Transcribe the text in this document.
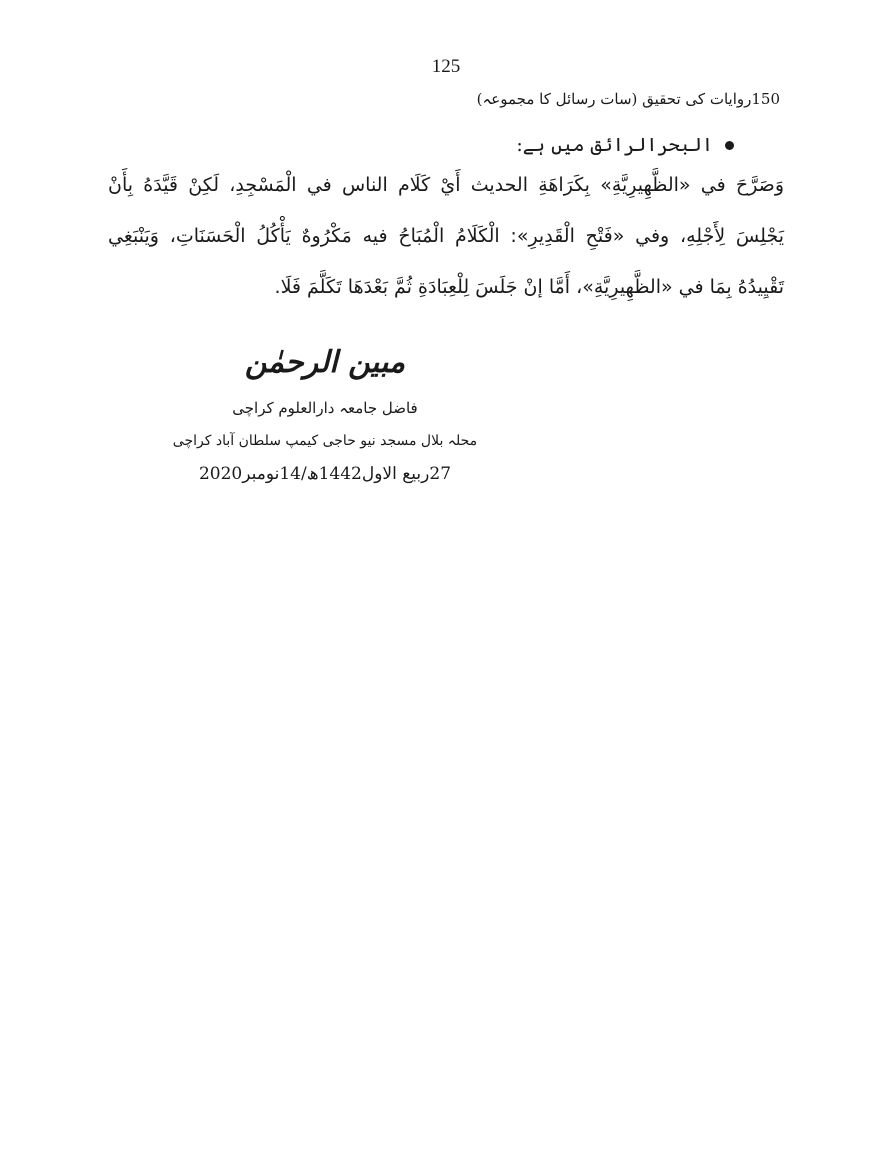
125
150روایات کی تحقیق (سات رسائل کا مجموعہ)
البحرالرائق میں ہے:
وَصَرَّحَ في «الظَّهِيرِيَّةِ» بِكَرَاهَةِ الحديث أَيْ كَلَام الناس في الْمَسْجِدِ، لَكِنْ قَيَّدَهُ بِأَنْ يَجْلِسَ لِأَجْلِهِ، وفي «فَتْحِ الْقَدِيرِ»: الْكَلَامُ الْمُبَاحُ فيه مَكْرُوهٌ يَأْكُلُ الْحَسَنَاتِ، وَيَنْبَغِي تَقْيِيدُهُ بِمَا في «الظَّهِيرِيَّةِ»، أَمَّا إنْ جَلَسَ لِلْعِبَادَةِ ثُمَّ بَعْدَهَا تَكَلَّمَ فَلَا.
مبین الرحمٰن
فاضل جامعہ دارالعلوم کراچی
محلہ بلال مسجد نیو حاجی کیمپ سلطان آباد کراچی
27ربیع الاول1442ھ/14نومبر2020
